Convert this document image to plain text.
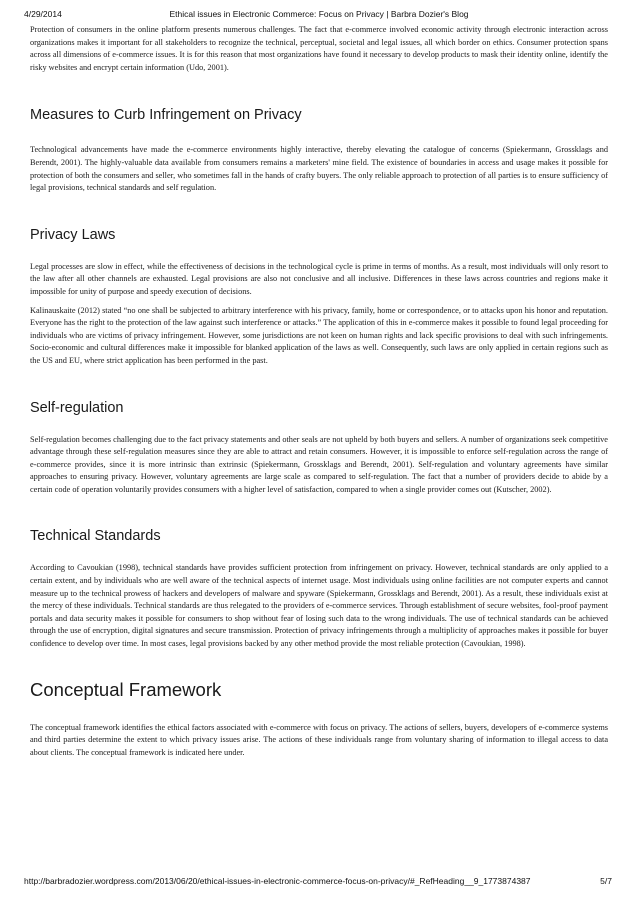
4/29/2014	Ethical issues in Electronic Commerce: Focus on Privacy | Barbra Dozier's Blog

Protection of consumers in the online platform presents numerous challenges. The fact that e-commerce involved economic activity through electronic interaction across organizations makes it important for all stakeholders to recognize the technical, perceptual, societal and legal issues, all which border on ethics. Consumer protection spans across all dimensions of e-commerce issues. It is for this reason that most organizations have found it necessary to develop products to mask their identity online, identify the risky websites and encrypt certain information (Udo, 2001).

Measures to Curb Infringement on Privacy

Technological advancements have made the e-commerce environments highly interactive, thereby elevating the catalogue of concerns (Spiekermann, Grossklags and Berendt, 2001). The highly-valuable data available from consumers remains a marketers' mine field. The existence of boundaries in access and usage makes it possible for protection of both the consumers and seller, who sometimes fall in the hands of crafty buyers. The only reliable approach to protection of all parties is to ensure sufficiency of legal provisions, technical standards and self regulation.

Privacy Laws

Legal processes are slow in effect, while the effectiveness of decisions in the technological cycle is prime in terms of months. As a result, most individuals will only resort to the law after all other channels are exhausted. Legal provisions are also not conclusive and all inclusive. Differences in these laws across countries and regions make it impossible for unity of purpose and speedy execution of decisions.

Kalinauskaite (2012) stated “no one shall be subjected to arbitrary interference with his privacy, family, home or correspondence, or to attacks upon his honor and reputation. Everyone has the right to the protection of the law against such interference or attacks.” The application of this in e-commerce makes it possible to found legal proceeding for individuals who are victims of privacy infringement. However, some jurisdictions are not keen on human rights and lack specific provisions to deal with such infringements. Socio-economic and cultural differences make it impossible for blanked application of the laws as well. Consequently, such laws are only applied in certain regions such as the US and EU, where strict application has been performed in the past.

Self-regulation

Self-regulation becomes challenging due to the fact privacy statements and other seals are not upheld by both buyers and sellers. A number of organizations seek competitive advantage through these self-regulation measures since they are able to attract and retain consumers. However, it is impossible to enforce self-regulation across the range of e-commerce provides, since it is more intrinsic than extrinsic (Spiekermann, Grossklags and Berendt, 2001). Self-regulation and voluntary agreements have similar approaches to ensuring privacy. However, voluntary agreements are large scale as compared to self-regulation. The fact that a number of providers decide to abide by a certain code of operation voluntarily provides consumers with a higher level of satisfaction, compared to when a single provider comes out (Kutscher, 2002).

Technical Standards

According to Cavoukian (1998), technical standards have provides sufficient protection from infringement on privacy. However, technical standards are only applied to a certain extent, and by individuals who are well aware of the technical aspects of internet usage. Most individuals using online facilities are not computer experts and cannot measure up to the technical prowess of hackers and developers of malware and spyware (Spiekermann, Grossklags and Berendt, 2001). As a result, these individuals exist at the mercy of these individuals. Technical standards are thus relegated to the providers of e-commerce services. Through establishment of secure websites, fool-proof payment portals and data security makes it possible for consumers to shop without fear of losing such data to the wrong individuals. The use of technical standards can be achieved through the use of encryption, digital signatures and secure transmission. Protection of privacy infringements through a multiplicity of approaches makes it possible for buyer confidence to develop over time. In most cases, legal provisions backed by any other method provide the most reliable protection (Cavoukian, 1998).

Conceptual Framework

The conceptual framework identifies the ethical factors associated with e-commerce with focus on privacy. The actions of sellers, buyers, developers of e-commerce systems and third parties determine the extent to which privacy issues arise. The actions of these individuals range from voluntary sharing of information to illegal access to data about clients. The conceptual framework is indicated here under.

http://barbradozier.wordpress.com/2013/06/20/ethical-issues-in-electronic-commerce-focus-on-privacy/#_RefHeading__9_1773874387	5/7
